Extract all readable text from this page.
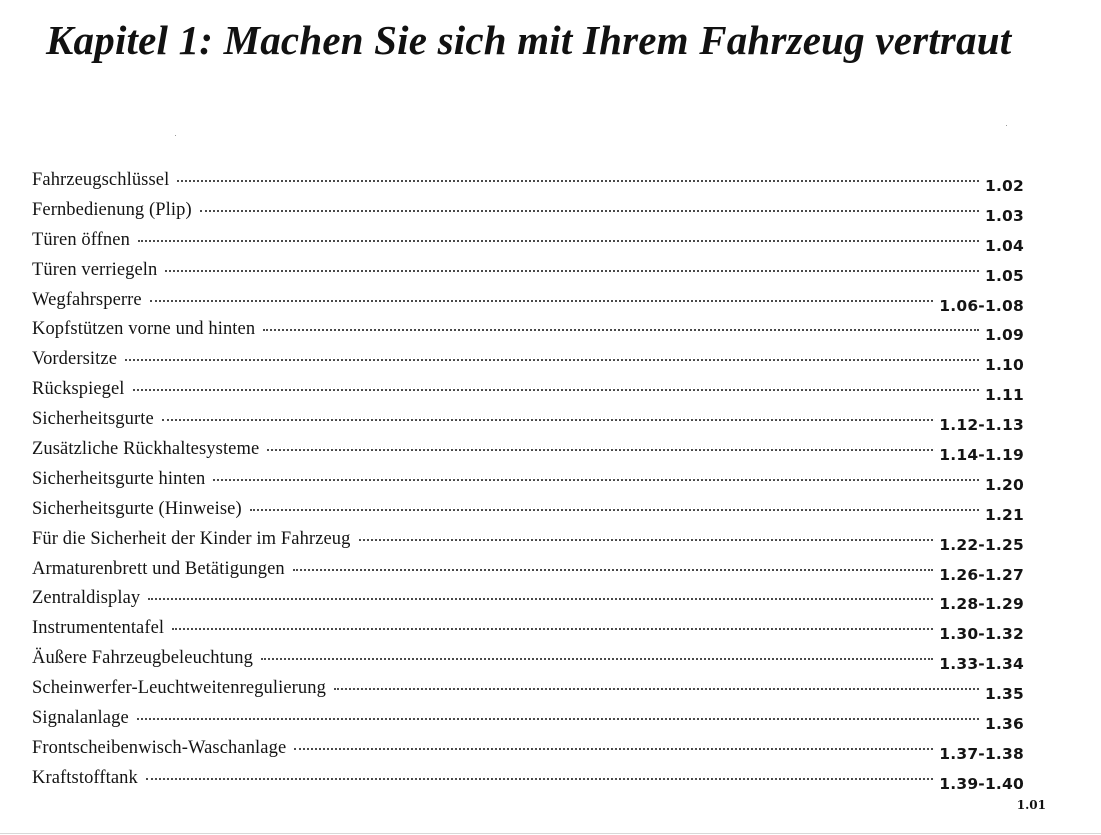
Kapitel 1: Machen Sie sich mit Ihrem Fahrzeug vertraut
Fahrzeugschlüssel	1.02
Fernbedienung (Plip)	1.03
Türen öffnen	1.04
Türen verriegeln	1.05
Wegfahrsperre	1.06-1.08
Kopfstützen vorne und hinten	1.09
Vordersitze	1.10
Rückspiegel	1.11
Sicherheitsgurte	1.12-1.13
Zusätzliche Rückhaltesysteme	1.14-1.19
Sicherheitsgurte hinten	1.20
Sicherheitsgurte (Hinweise)	1.21
Für die Sicherheit der Kinder im Fahrzeug	1.22-1.25
Armaturenbrett und Betätigungen	1.26-1.27
Zentraldisplay	1.28-1.29
Instrumententafel	1.30-1.32
Äußere Fahrzeugbeleuchtung	1.33-1.34
Scheinwerfer-Leuchtweitenregulierung	1.35
Signalanlage	1.36
Frontscheibenwisch-Waschanlage	1.37-1.38
Kraftstofftank	1.39-1.40
1.01
